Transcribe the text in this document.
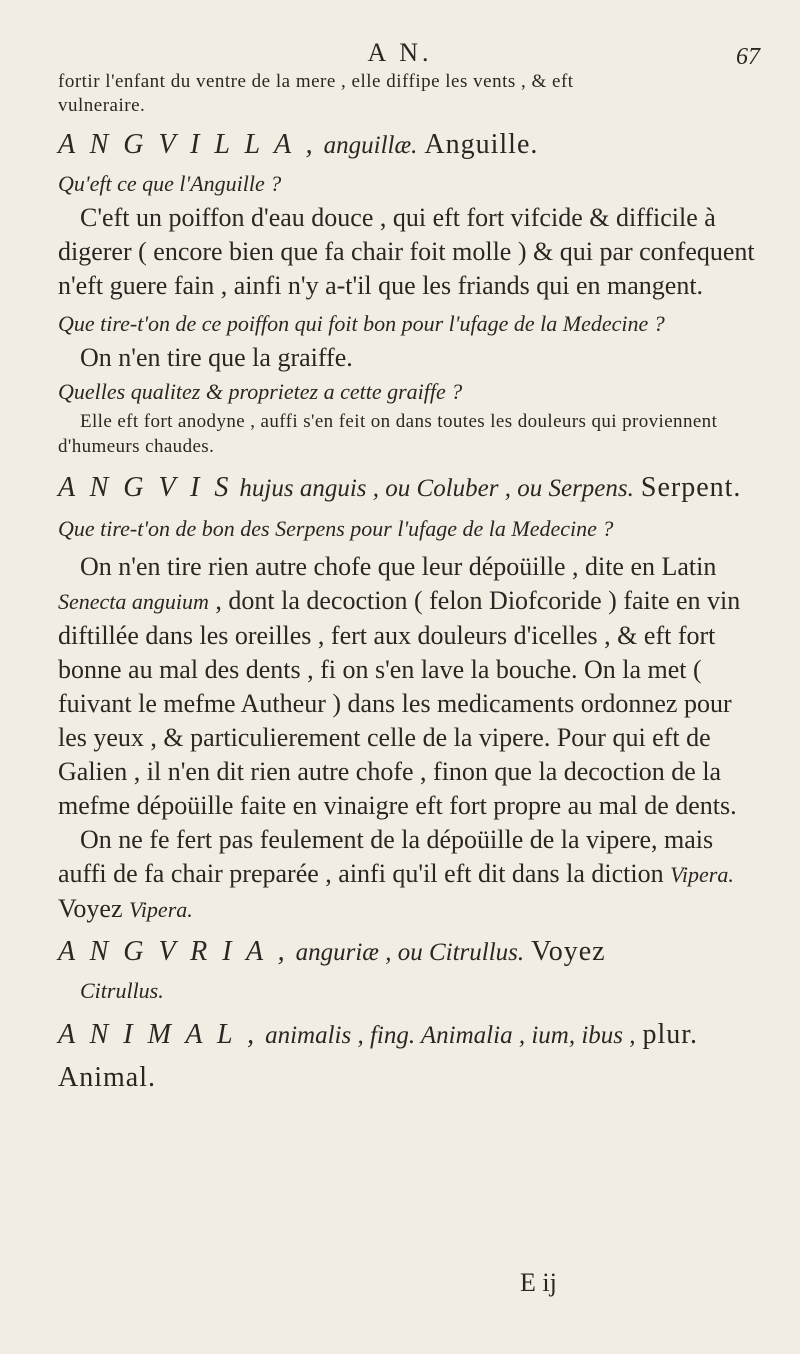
A N.	67

fortir l'enfant du ventre de la mere , elle diffipe les vents , & eft
vulneraire.

A N G V I L L A , anguillæ. Anguille.

Qu'eft ce que l'Anguille ?

C'eft un poiffon d'eau douce , qui eft fort vifcide & difficile à digerer ( encore bien que fa chair foit molle ) & qui par confequent n'eft guere fain , ainfi n'y a-t'il que les friands qui en mangent.

Que tire-t'on de ce poiffon qui foit bon pour l'ufage de la Medecine ?

On n'en tire que la graiffe.

Quelles qualitez & proprietez a cette graiffe ?

Elle eft fort anodyne , auffi s'en feit on dans toutes les douleurs qui proviennent d'humeurs chaudes.

A N G V I S hujus anguis , ou Coluber , ou Serpens. Serpent.

Que tire-t'on de bon des Serpens pour l'ufage de la Medecine ?

On n'en tire rien autre chofe que leur dépoüille , dite en Latin Senecta anguium , dont la decoction ( felon Diofcoride ) faite en vin diftillée dans les oreilles , fert aux douleurs d'icelles , & eft fort bonne au mal des dents , fi on s'en lave la bouche. On la met ( fuivant le mefme Autheur ) dans les medicaments ordonnez pour les yeux , & particulierement celle de la vipere. Pour qui eft de Galien , il n'en dit rien autre chofe , finon que la decoction de la mefme dépoüille faite en vinaigre eft fort propre au mal de dents.

On ne fe fert pas feulement de la dépoüille de la vipere, mais auffi de fa chair preparée , ainfi qu'il eft dit dans la diction Vipera. Voyez Vipera.

A N G V R I A , anguriæ , ou Citrullus. Voyez

Citrullus.

A N I M A L , animalis , fing. Animalia , ium, ibus , plur. Animal.

E ij
